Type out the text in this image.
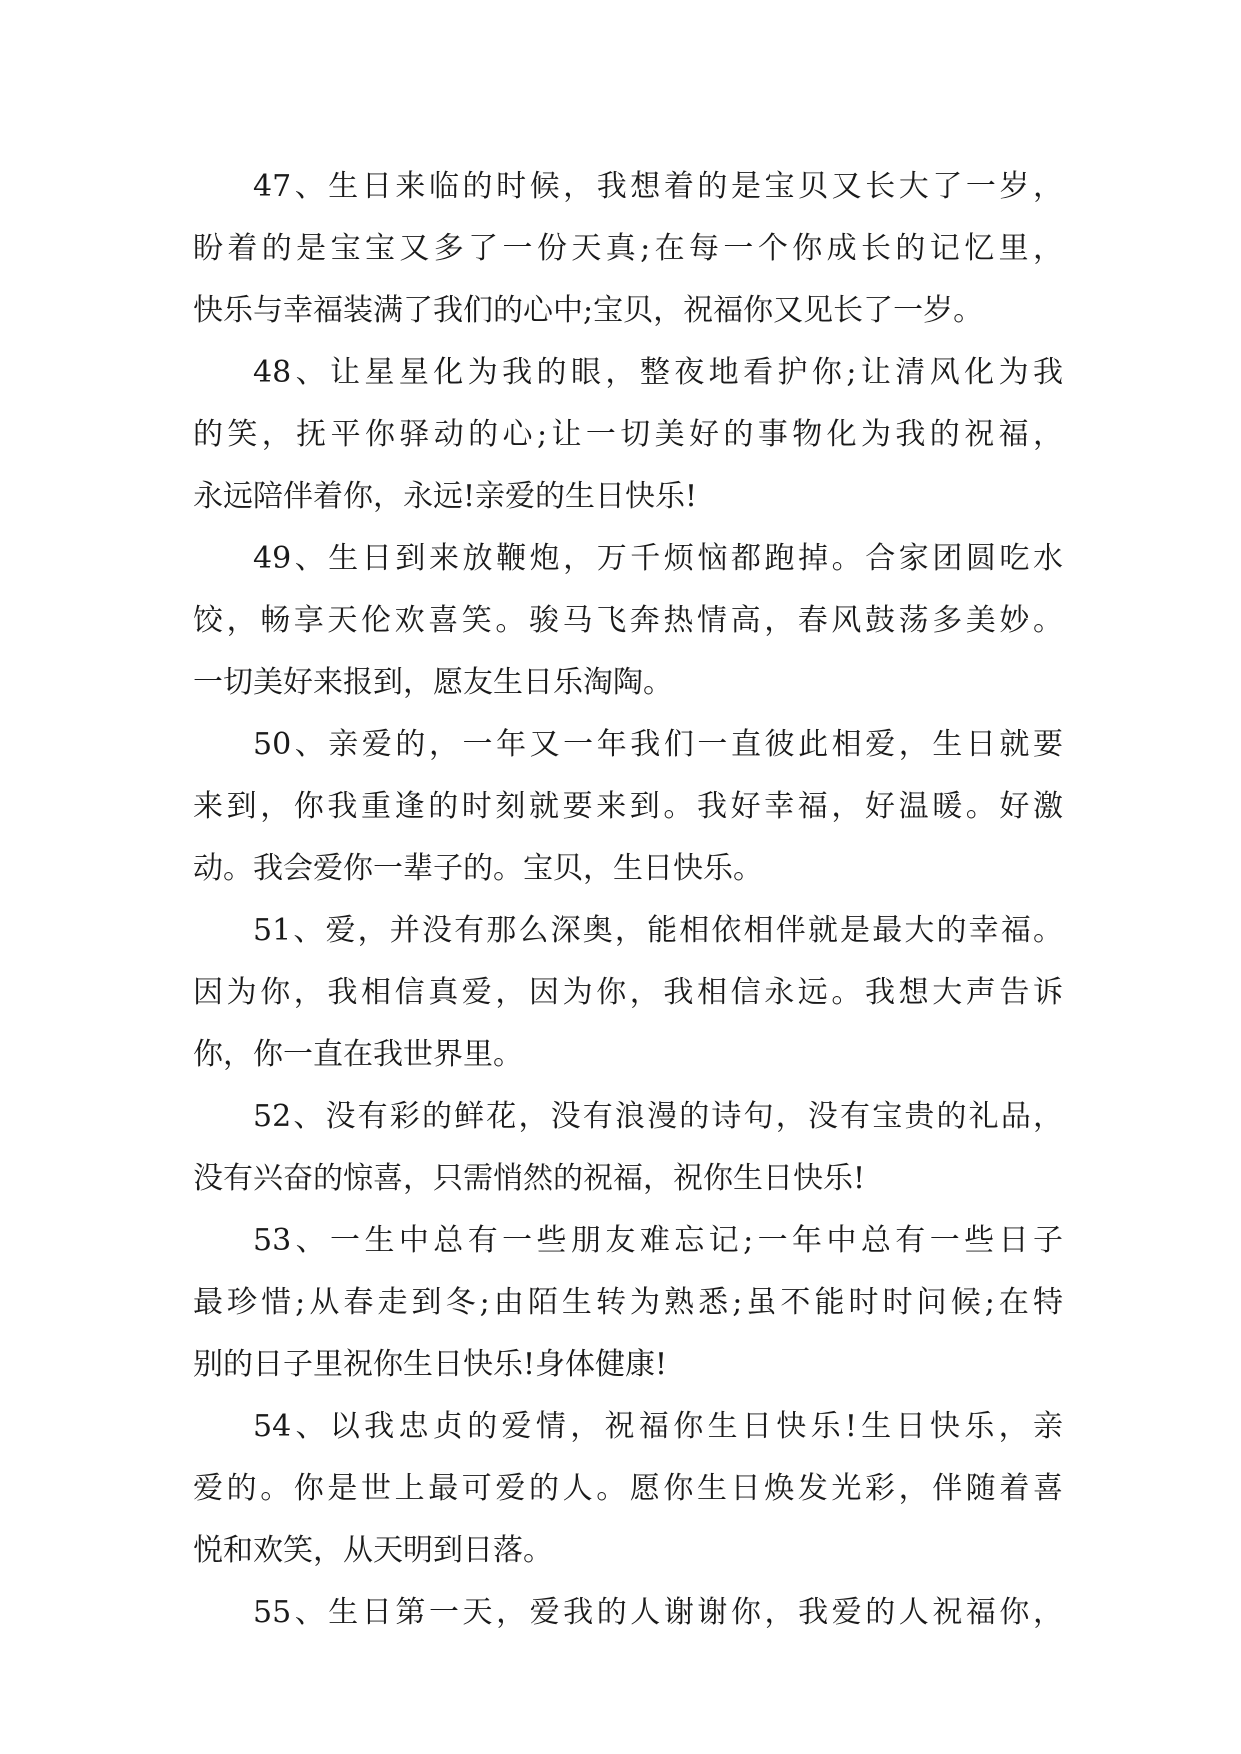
47、生日来临的时候，我想着的是宝贝又长大了一岁，
盼着的是宝宝又多了一份天真;在每一个你成长的记忆里，
快乐与幸福装满了我们的心中;宝贝，祝福你又见长了一岁。
48、让星星化为我的眼，整夜地看护你;让清风化为我
的笑，抚平你驿动的心;让一切美好的事物化为我的祝福，
永远陪伴着你，永远!亲爱的生日快乐!
49、生日到来放鞭炮，万千烦恼都跑掉。合家团圆吃水
饺，畅享天伦欢喜笑。骏马飞奔热情高，春风鼓荡多美妙。
一切美好来报到，愿友生日乐淘陶。
50、亲爱的，一年又一年我们一直彼此相爱，生日就要
来到，你我重逢的时刻就要来到。我好幸福，好温暖。好激
动。我会爱你一辈子的。宝贝，生日快乐。
51、爱，并没有那么深奥，能相依相伴就是最大的幸福。
因为你，我相信真爱，因为你，我相信永远。我想大声告诉
你，你一直在我世界里。
52、没有彩的鲜花，没有浪漫的诗句，没有宝贵的礼品，
没有兴奋的惊喜，只需悄然的祝福，祝你生日快乐!
53、一生中总有一些朋友难忘记;一年中总有一些日子
最珍惜;从春走到冬;由陌生转为熟悉;虽不能时时问候;在特
别的日子里祝你生日快乐!身体健康!
54、以我忠贞的爱情，祝福你生日快乐!生日快乐，亲
爱的。你是世上最可爱的人。愿你生日焕发光彩，伴随着喜
悦和欢笑，从天明到日落。
55、生日第一天，爱我的人谢谢你，我爱的人祝福你，
